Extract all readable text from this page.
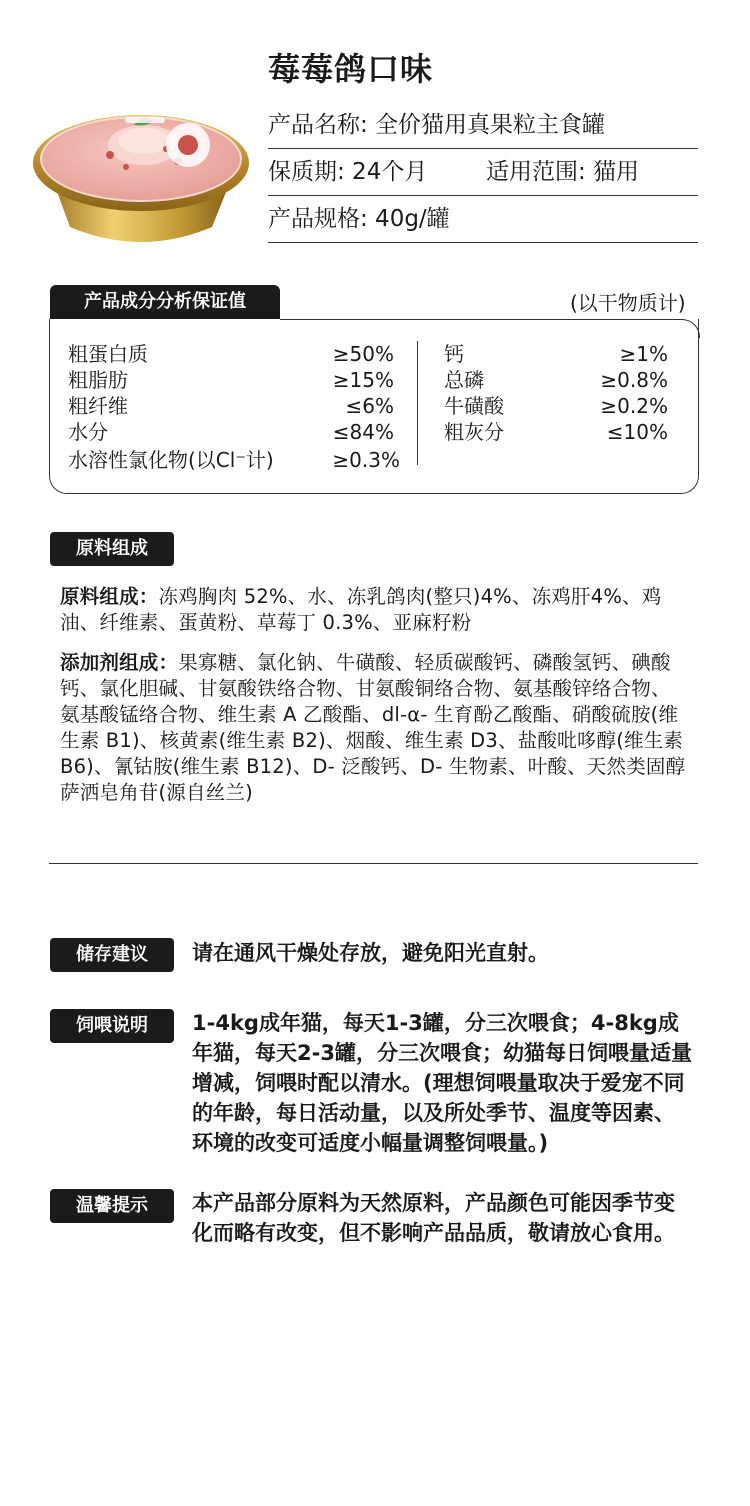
莓莓鸽口味
产品名称: 全价猫用真果粒主食罐
保质期: 24个月	适用范围: 猫用
产品规格: 40g/罐
产品成分分析保证值	(以干物质计)
粗蛋白质	≥50%
粗脂肪	≥15%
粗纤维	≤6%
水分	≤84%
水溶性氯化物(以Cl⁻计)	≥0.3%
钙	≥1%
总磷	≥0.8%
牛磺酸	≥0.2%
粗灰分	≤10%
原料组成
原料组成：冻鸡胸肉 52%、水、冻乳鸽肉(整只)4%、冻鸡肝4%、鸡油、纤维素、蛋黄粉、草莓丁 0.3%、亚麻籽粉
添加剂组成：果寡糖、氯化钠、牛磺酸、轻质碳酸钙、磷酸氢钙、碘酸钙、氯化胆碱、甘氨酸铁络合物、甘氨酸铜络合物、氨基酸锌络合物、氨基酸锰络合物、维生素 A 乙酸酯、dl-α- 生育酚乙酸酯、硝酸硫胺(维生素 B1)、核黄素(维生素 B2)、烟酸、维生素 D3、盐酸吡哆醇(维生素 B6)、氰钴胺(维生素 B12)、D- 泛酸钙、D- 生物素、叶酸、天然类固醇萨洒皂角苷(源自丝兰)
储存建议	请在通风干燥处存放，避免阳光直射。
饲喂说明	1-4kg成年猫，每天1-3罐，分三次喂食；4-8kg成年猫，每天2-3罐，分三次喂食；幼猫每日饲喂量适量增减，饲喂时配以清水。(理想饲喂量取决于爱宠不同的年龄，每日活动量，以及所处季节、温度等因素、环境的改变可适度小幅量调整饲喂量。)
温馨提示	本产品部分原料为天然原料，产品颜色可能因季节变化而略有改变，但不影响产品品质，敬请放心食用。
